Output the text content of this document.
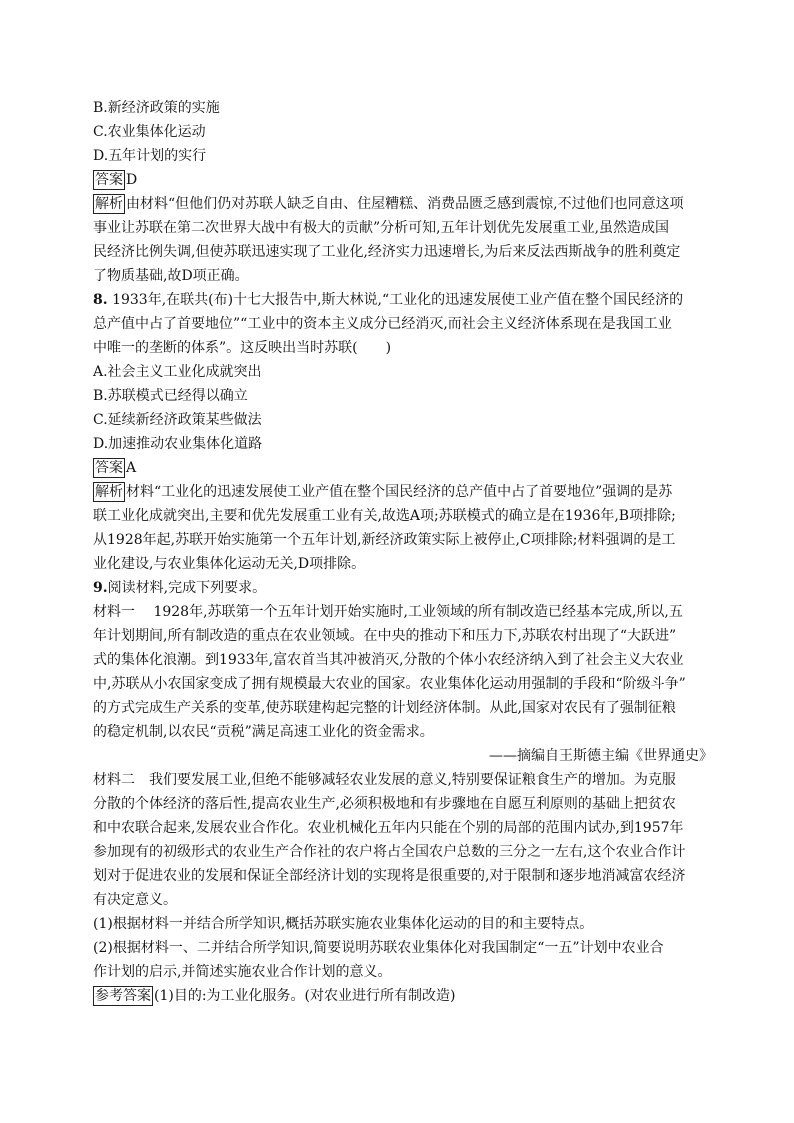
B.新经济政策的实施
C.农业集体化运动
D.五年计划的实行
答案 D
解析 由材料“但他们仍对苏联人缺乏自由、住屋糟糕、消费品匮乏感到震惊,不过他们也同意这项
事业让苏联在第二次世界大战中有极大的贡献”分析可知,五年计划优先发展重工业,虽然造成国
民经济比例失调,但使苏联迅速实现了工业化,经济实力迅速增长,为后来反法西斯战争的胜利奠定
了物质基础,故D项正确。
8. 1933年,在联共(布)十七大报告中,斯大林说,“工业化的迅速发展使工业产值在整个国民经济的
总产值中占了首要地位”“工业中的资本主义成分已经消灭,而社会主义经济体系现在是我国工业
中唯一的垄断的体系”。这反映出当时苏联(　　)
A.社会主义工业化成就突出
B.苏联模式已经得以确立
C.延续新经济政策某些做法
D.加速推动农业集体化道路
答案 A
解析 材料“工业化的迅速发展使工业产值在整个国民经济的总产值中占了首要地位”强调的是苏
联工业化成就突出,主要和优先发展重工业有关,故选A项;苏联模式的确立是在1936年,B项排除;
从1928年起,苏联开始实施第一个五年计划,新经济政策实际上被停止,C项排除;材料强调的是工
业化建设,与农业集体化运动无关,D项排除。
9.阅读材料,完成下列要求。
材料一　 1928年,苏联第一个五年计划开始实施时,工业领域的所有制改造已经基本完成,所以,五
年计划期间,所有制改造的重点在农业领域。在中央的推动下和压力下,苏联农村出现了“大跃进”
式的集体化浪潮。到1933年,富农首当其冲被消灭,分散的个体小农经济纳入到了社会主义大农业
中,苏联从小农国家变成了拥有规模最大农业的国家。农业集体化运动用强制的手段和“阶级斗争”
的方式完成生产关系的变革,使苏联建构起完整的计划经济体制。从此,国家对农民有了强制征粮
的稳定机制,以农民“贡税”满足高速工业化的资金需求。
——摘编自王斯德主编《世界通史》
材料二　我们要发展工业,但绝不能够减轻农业发展的意义,特别要保证粮食生产的增加。为克服
分散的个体经济的落后性,提高农业生产,必须积极地和有步骤地在自愿互利原则的基础上把贫农
和中农联合起来,发展农业合作化。农业机械化五年内只能在个别的局部的范围内试办,到1957年
参加现有的初级形式的农业生产合作社的农户将占全国农户总数的三分之一左右,这个农业合作计
划对于促进农业的发展和保证全部经济计划的实现将是很重要的,对于限制和逐步地消减富农经济
有决定意义。
(1)根据材料一并结合所学知识,概括苏联实施农业集体化运动的目的和主要特点。
(2)根据材料一、二并结合所学知识,简要说明苏联农业集体化对我国制定“一五”计划中农业合
作计划的启示,并简述实施农业合作计划的意义。
参考答案 (1)目的:为工业化服务。(对农业进行所有制改造)
